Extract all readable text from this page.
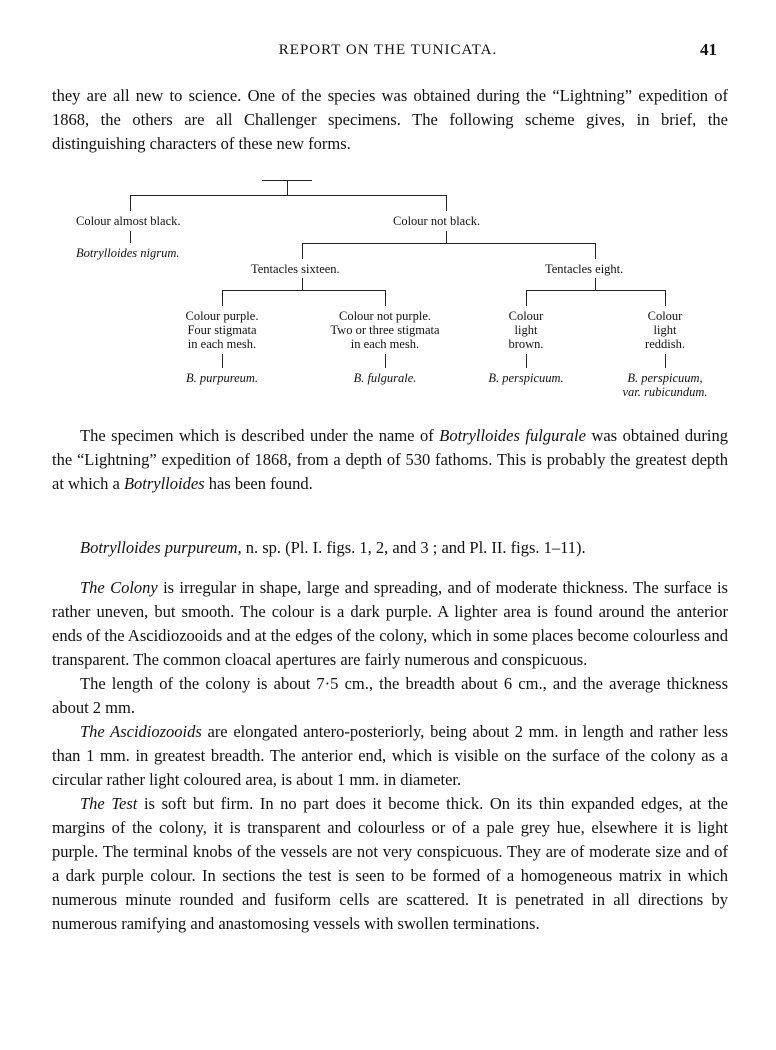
REPORT ON THE TUNICATA.	41

they are all new to science. One of the species was obtained during the “Lightning” expedition of 1868, the others are all Challenger specimens. The following scheme gives, in brief, the distinguishing characters of these new forms.

Colour almost black.
Botrylloides nigrum.
Colour not black.
Tentacles sixteen.	Tentacles eight.
Colour purple.
Four stigmata
in each mesh.
B. purpureum.
Colour not purple.
Two or three stigmata
in each mesh.
B. fulgurale.
Colour
light
brown.
B. perspicuum.
Colour
light
reddish.
B. perspicuum,
var. rubicundum.

The specimen which is described under the name of Botrylloides fulgurale was obtained during the “Lightning” expedition of 1868, from a depth of 530 fathoms. This is probably the greatest depth at which a Botrylloides has been found.

Botrylloides purpureum, n. sp. (Pl. I. figs. 1, 2, and 3 ; and Pl. II. figs. 1–11).

The Colony is irregular in shape, large and spreading, and of moderate thickness. The surface is rather uneven, but smooth. The colour is a dark purple. A lighter area is found around the anterior ends of the Ascidiozooids and at the edges of the colony, which in some places become colourless and transparent. The common cloacal apertures are fairly numerous and conspicuous.

The length of the colony is about 7·5 cm., the breadth about 6 cm., and the average thickness about 2 mm.

The Ascidiozooids are elongated antero-posteriorly, being about 2 mm. in length and rather less than 1 mm. in greatest breadth. The anterior end, which is visible on the surface of the colony as a circular rather light coloured area, is about 1 mm. in diameter.

The Test is soft but firm. In no part does it become thick. On its thin expanded edges, at the margins of the colony, it is transparent and colourless or of a pale grey hue, elsewhere it is light purple. The terminal knobs of the vessels are not very conspicuous. They are of moderate size and of a dark purple colour. In sections the test is seen to be formed of a homogeneous matrix in which numerous minute rounded and fusiform cells are scattered. It is penetrated in all directions by numerous ramifying and anastomosing vessels with swollen terminations.
